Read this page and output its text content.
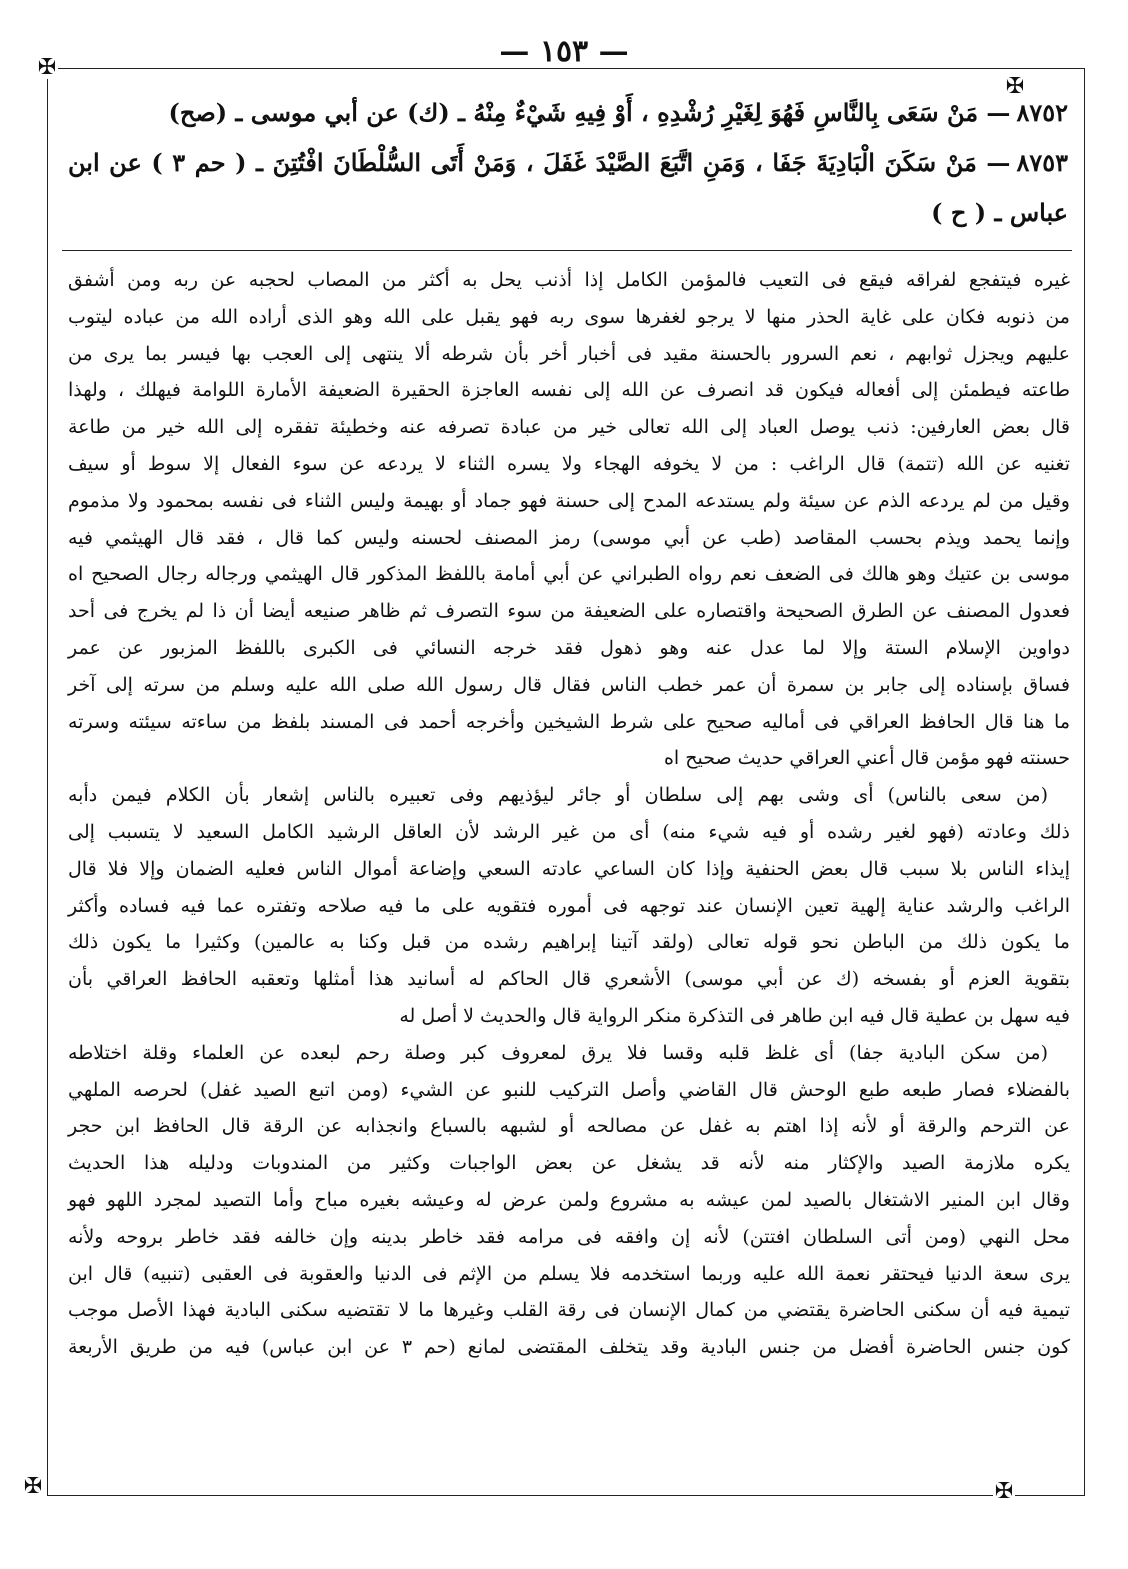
— ١٥٣ —
✠
✠
✠	✠

٨٧٥٢— مَنْ سَعَى بِالنَّاسِ فَهُوَ لِغَيْرِ رُشْدِهِ ، أَوْ فِيهِ شَيْءٌ مِنْهُ ـ (ك) عن أبي موسى ـ (صح)

٨٧٥٣— مَنْ سَكَنَ الْبَادِيَةَ جَفَا ، وَمَنِ اتَّبَعَ الصَّيْدَ غَفَلَ ، وَمَنْ أَتَى السُّلْطَانَ افْتُتِنَ ـ ( حم ٣ ) عن ابن عباس ـ ( ح )

غيره فيتفجع لفراقه فيقع فى التعيب فالمؤمن الكامل إذا أذنب يحل به أكثر من المصاب لحجبه عن ربه ومن أشفق

من ذنوبه فكان على غاية الحذر منها لا يرجو لغفرها سوى ربه فهو يقبل على الله وهو الذى أراده الله من عباده ليتوب

عليهم ويجزل ثوابهم ، نعم السرور بالحسنة مقيد فى أخبار أخر بأن شرطه ألا ينتهى إلى العجب بها فيسر بما يرى من

طاعته فيطمئن إلى أفعاله فيكون قد انصرف عن الله إلى نفسه العاجزة الحقيرة الضعيفة الأمارة اللوامة فيهلك ، ولهذا

قال بعض العارفين: ذنب يوصل العباد إلى الله تعالى خير من عبادة تصرفه عنه وخطيئة تفقره إلى الله خير من طاعة

تغنيه عن الله (تتمة) قال الراغب : من لا يخوفه الهجاء ولا يسره الثناء لا يردعه عن سوء الفعال إلا سوط أو سيف

وقيل من لم يردعه الذم عن سيئة ولم يستدعه المدح إلى حسنة فهو جماد أو بهيمة وليس الثناء فى نفسه بمحمود ولا مذموم

وإنما يحمد ويذم بحسب المقاصد (طب عن أبي موسى) رمز المصنف لحسنه وليس كما قال ، فقد قال الهيثمي فيه

موسى بن عتيك وهو هالك فى الضعف نعم رواه الطبراني عن أبي أمامة باللفظ المذكور قال الهيثمي ورجاله رجال الصحيح اه

فعدول المصنف عن الطرق الصحيحة واقتصاره على الضعيفة من سوء التصرف ثم ظاهر صنيعه أيضا أن ذا لم يخرج فى أحد

دواوين الإسلام الستة وإلا لما عدل عنه وهو ذهول فقد خرجه النسائي فى الكبرى باللفظ المزبور عن عمر

فساق بإسناده إلى جابر بن سمرة أن عمر خطب الناس فقال قال رسول الله صلى الله عليه وسلم من سرته إلى آخر

ما هنا قال الحافظ العراقي فى أماليه صحيح على شرط الشيخين وأخرجه أحمد فى المسند بلفظ من ساءته سيئته وسرته

حسنته فهو مؤمن قال أعني العراقي حديث صحيح اه

(من سعى بالناس) أى وشى بهم إلى سلطان أو جائر ليؤذيهم وفى تعبيره بالناس إشعار بأن الكلام فيمن دأبه

ذلك وعادته (فهو لغير رشده أو فيه شيء منه) أى من غير الرشد لأن العاقل الرشيد الكامل السعيد لا يتسبب إلى

إيذاء الناس بلا سبب قال بعض الحنفية وإذا كان الساعي عادته السعي وإضاعة أموال الناس فعليه الضمان وإلا فلا قال

الراغب والرشد عناية إلهية تعين الإنسان عند توجهه فى أموره فتقويه على ما فيه صلاحه وتفتره عما فيه فساده وأكثر

ما يكون ذلك من الباطن نحو قوله تعالى (ولقد آتينا إبراهيم رشده من قبل وكنا به عالمين) وكثيرا ما يكون ذلك

بتقوية العزم أو بفسخه (ك عن أبي موسى) الأشعري قال الحاكم له أسانيد هذا أمثلها وتعقبه الحافظ العراقي بأن

فيه سهل بن عطية قال فيه ابن طاهر فى التذكرة منكر الرواية قال والحديث لا أصل له

(من سكن البادية جفا) أى غلظ قلبه وقسا فلا يرق لمعروف كبر وصلة رحم لبعده عن العلماء وقلة اختلاطه

بالفضلاء فصار طبعه طبع الوحش قال القاضي وأصل التركيب للنبو عن الشيء (ومن اتبع الصيد غفل) لحرصه الملهي

عن الترحم والرقة أو لأنه إذا اهتم به غفل عن مصالحه أو لشبهه بالسباع وانجذابه عن الرقة قال الحافظ ابن حجر

يكره ملازمة الصيد والإكثار منه لأنه قد يشغل عن بعض الواجبات وكثير من المندوبات ودليله هذا الحديث

وقال ابن المنير الاشتغال بالصيد لمن عيشه به مشروع ولمن عرض له وعيشه بغيره مباح وأما التصيد لمجرد اللهو فهو

محل النهي (ومن أتى السلطان افتتن) لأنه إن وافقه فى مرامه فقد خاطر بدينه وإن خالفه فقد خاطر بروحه ولأنه

يرى سعة الدنيا فيحتقر نعمة الله عليه وربما استخدمه فلا يسلم من الإثم فى الدنيا والعقوبة فى العقبى (تنبيه) قال ابن

تيمية فيه أن سكنى الحاضرة يقتضي من كمال الإنسان فى رقة القلب وغيرها ما لا تقتضيه سكنى البادية فهذا الأصل موجب

كون جنس الحاضرة أفضل من جنس البادية وقد يتخلف المقتضى لمانع (حم ٣ عن ابن عباس) فيه من طريق الأربعة
